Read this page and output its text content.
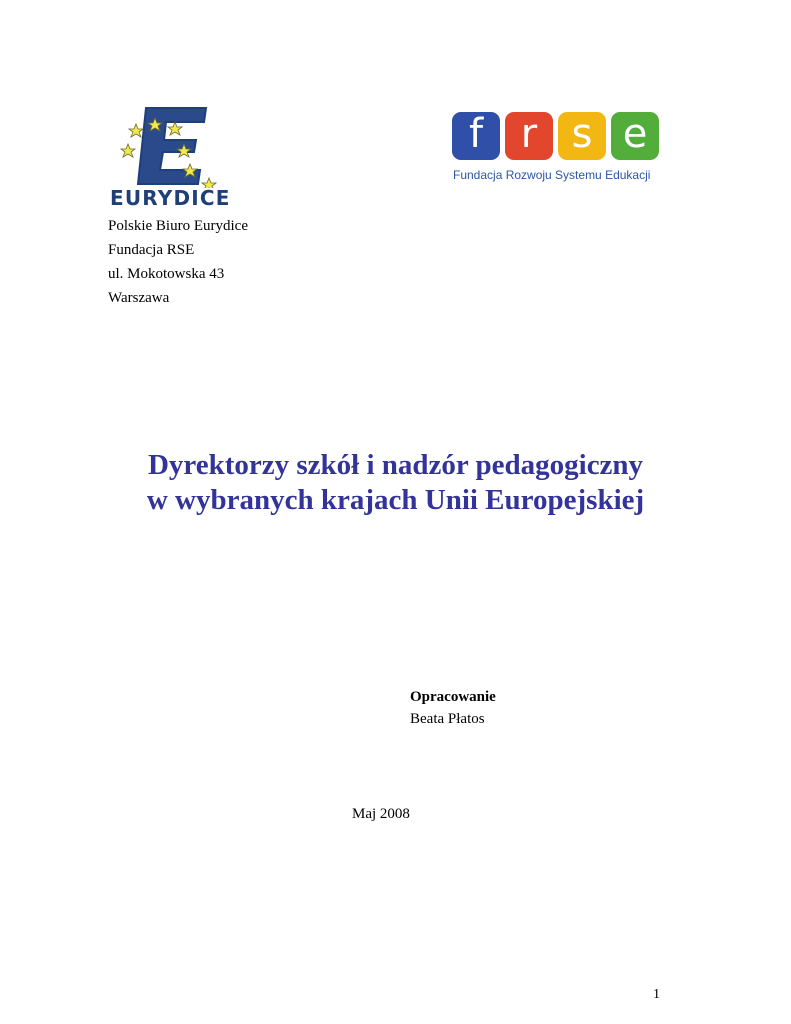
EURYDICE
f r s e
Fundacja Rozwoju Systemu Edukacji
Polskie Biuro Eurydice
Fundacja RSE
ul. Mokotowska 43
Warszawa
Dyrektorzy szkół i nadzór pedagogiczny
w wybranych krajach Unii Europejskiej
Opracowanie
Beata Płatos
Maj 2008
1
